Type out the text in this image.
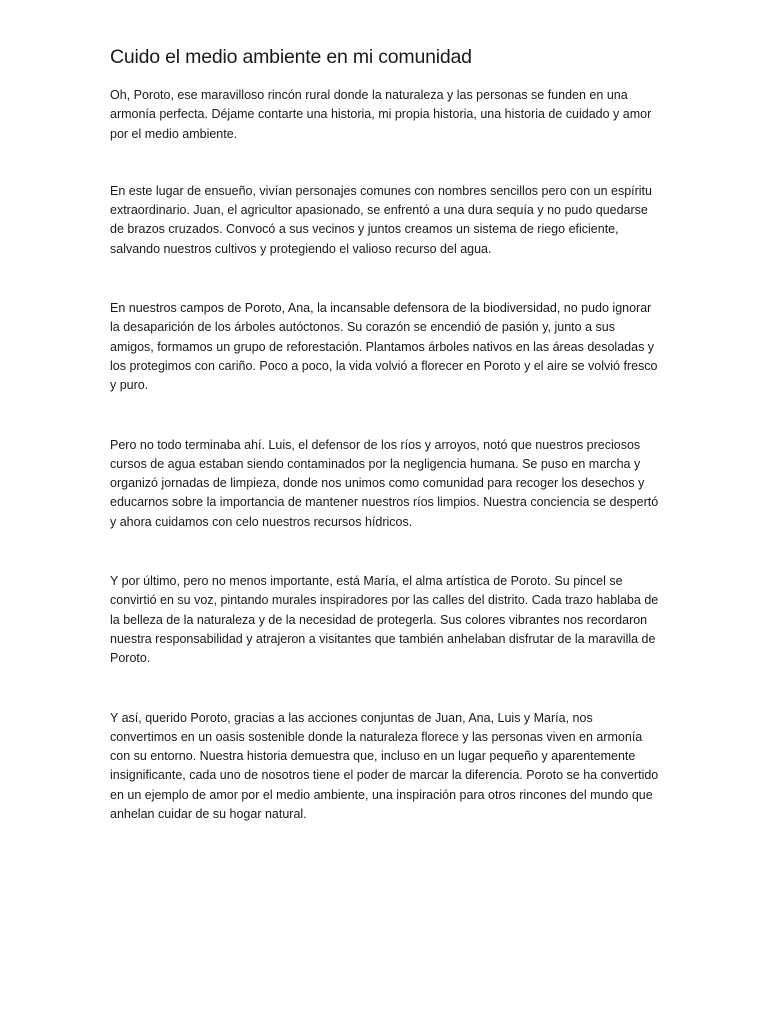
Cuido el medio ambiente en mi comunidad

Oh, Poroto, ese maravilloso rincón rural donde la naturaleza y las personas se funden en una armonía perfecta. Déjame contarte una historia, mi propia historia, una historia de cuidado y amor por el medio ambiente.

En este lugar de ensueño, vivían personajes comunes con nombres sencillos pero con un espíritu extraordinario. Juan, el agricultor apasionado, se enfrentó a una dura sequía y no pudo quedarse de brazos cruzados. Convocó a sus vecinos y juntos creamos un sistema de riego eficiente, salvando nuestros cultivos y protegiendo el valioso recurso del agua.

En nuestros campos de Poroto, Ana, la incansable defensora de la biodiversidad, no pudo ignorar la desaparición de los árboles autóctonos. Su corazón se encendió de pasión y, junto a sus amigos, formamos un grupo de reforestación. Plantamos árboles nativos en las áreas desoladas y los protegimos con cariño. Poco a poco, la vida volvió a florecer en Poroto y el aire se volvió fresco y puro.

Pero no todo terminaba ahí. Luis, el defensor de los ríos y arroyos, notó que nuestros preciosos cursos de agua estaban siendo contaminados por la negligencia humana. Se puso en marcha y organizó jornadas de limpieza, donde nos unimos como comunidad para recoger los desechos y educarnos sobre la importancia de mantener nuestros ríos limpios. Nuestra conciencia se despertó y ahora cuidamos con celo nuestros recursos hídricos.

Y por último, pero no menos importante, está María, el alma artística de Poroto. Su pincel se convirtió en su voz, pintando murales inspiradores por las calles del distrito. Cada trazo hablaba de la belleza de la naturaleza y de la necesidad de protegerla. Sus colores vibrantes nos recordaron nuestra responsabilidad y atrajeron a visitantes que también anhelaban disfrutar de la maravilla de Poroto.

Y así, querido Poroto, gracias a las acciones conjuntas de Juan, Ana, Luis y María, nos convertimos en un oasis sostenible donde la naturaleza florece y las personas viven en armonía con su entorno. Nuestra historia demuestra que, incluso en un lugar pequeño y aparentemente insignificante, cada uno de nosotros tiene el poder de marcar la diferencia. Poroto se ha convertido en un ejemplo de amor por el medio ambiente, una inspiración para otros rincones del mundo que anhelan cuidar de su hogar natural.
